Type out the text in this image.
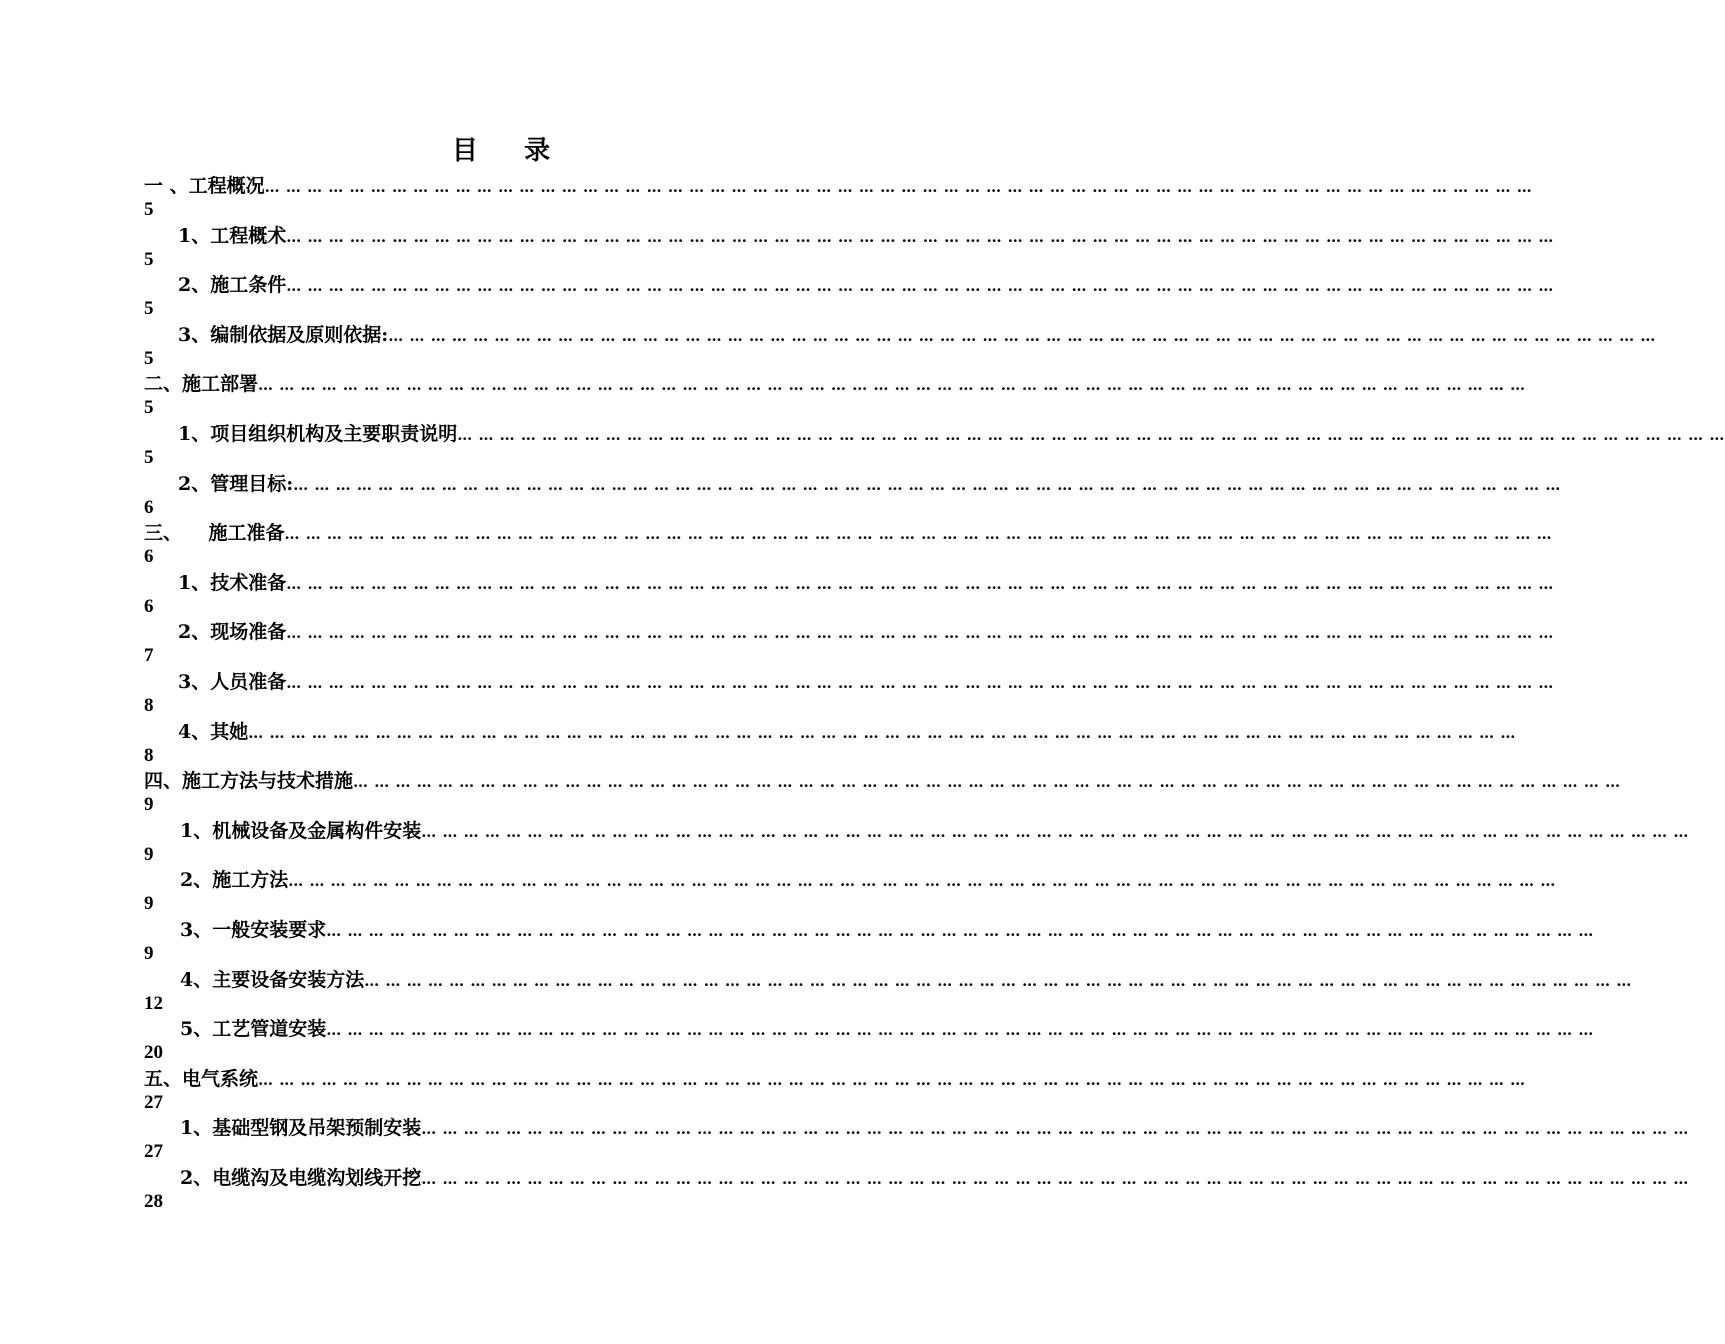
目    录
一 、工程概况 … … … … … … … … … … … … … … … … … … … … … … … … … … … … … … … … … … … … … … … … … … … … … … … … … … … … … … … … … … … …
5
1、工程概术 … … … … … … … … … … … … … … … … … … … … … … … … … … … … … … … … … … … … … … … … … … … … … … … … … … … … … … … … … … … …
5
2、施工条件 … … … … … … … … … … … … … … … … … … … … … … … … … … … … … … … … … … … … … … … … … … … … … … … … … … … … … … … … … … … …
5
3、编制依据及原则依据: … … … … … … … … … … … … … … … … … … … … … … … … … … … … … … … … … … … … … … … … … … … … … … … … … … … … … … … … … … … …
5
二、施工部署 … … … … … … … … … … … … … … … … … … … … … … … … … … … … … … … … … … … … … … … … … … … … … … … … … … … … … … … … … … … …
5
1、项目组织机构及主要职责说明 … … … … … … … … … … … … … … … … … … … … … … … … … … … … … … … … … … … … … … … … … … … … … … … … … … … … … … … … … … … …
5
2、管理目标: … … … … … … … … … … … … … … … … … … … … … … … … … … … … … … … … … … … … … … … … … … … … … … … … … … … … … … … … … … … …
6
三、    施工准备 … … … … … … … … … … … … … … … … … … … … … … … … … … … … … … … … … … … … … … … … … … … … … … … … … … … … … … … … … … … …
6
1、技术准备 … … … … … … … … … … … … … … … … … … … … … … … … … … … … … … … … … … … … … … … … … … … … … … … … … … … … … … … … … … … …
6
2、现场准备 … … … … … … … … … … … … … … … … … … … … … … … … … … … … … … … … … … … … … … … … … … … … … … … … … … … … … … … … … … … …
7
3、人员准备 … … … … … … … … … … … … … … … … … … … … … … … … … … … … … … … … … … … … … … … … … … … … … … … … … … … … … … … … … … … …
8
4、其她 … … … … … … … … … … … … … … … … … … … … … … … … … … … … … … … … … … … … … … … … … … … … … … … … … … … … … … … … … … … …
8
四、施工方法与技术措施 … … … … … … … … … … … … … … … … … … … … … … … … … … … … … … … … … … … … … … … … … … … … … … … … … … … … … … … … … … … …
9
1、机械设备及金属构件安装 … … … … … … … … … … … … … … … … … … … … … … … … … … … … … … … … … … … … … … … … … … … … … … … … … … … … … … … … … … … …
9
2、施工方法 … … … … … … … … … … … … … … … … … … … … … … … … … … … … … … … … … … … … … … … … … … … … … … … … … … … … … … … … … … … …
9
3、一般安装要求 … … … … … … … … … … … … … … … … … … … … … … … … … … … … … … … … … … … … … … … … … … … … … … … … … … … … … … … … … … … …
9
4、主要设备安装方法 … … … … … … … … … … … … … … … … … … … … … … … … … … … … … … … … … … … … … … … … … … … … … … … … … … … … … … … … … … … …
12
5、工艺管道安装 … … … … … … … … … … … … … … … … … … … … … … … … … … … … … … … … … … … … … … … … … … … … … … … … … … … … … … … … … … … …
20
五、电气系统 … … … … … … … … … … … … … … … … … … … … … … … … … … … … … … … … … … … … … … … … … … … … … … … … … … … … … … … … … … … …
27
1、基础型钢及吊架预制安装 … … … … … … … … … … … … … … … … … … … … … … … … … … … … … … … … … … … … … … … … … … … … … … … … … … … … … … … … … … … …
27
2、电缆沟及电缆沟划线开挖 … … … … … … … … … … … … … … … … … … … … … … … … … … … … … … … … … … … … … … … … … … … … … … … … … … … … … … … … … … … …
28
